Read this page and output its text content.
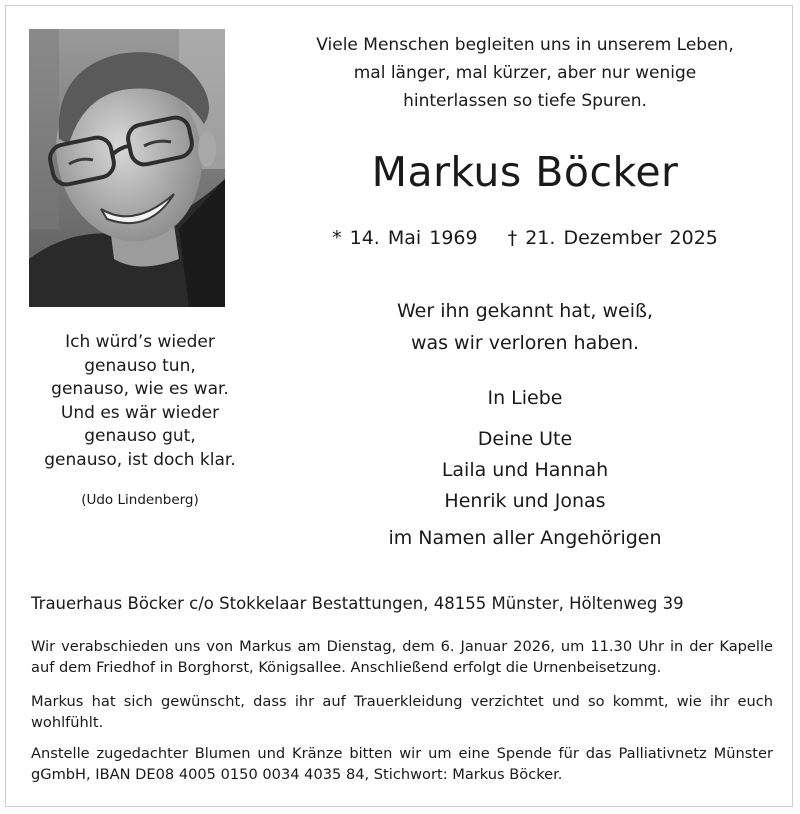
Viele Menschen begleiten uns in unserem Leben,
mal länger, mal kürzer, aber nur wenige
hinterlassen so tiefe Spuren.
Markus Böcker
* 14. Mai 1969 † 21. Dezember 2025
Wer ihn gekannt hat, weiß,
was wir verloren haben.
Ich würd’s wieder
genauso tun,
genauso, wie es war.
Und es wär wieder
genauso gut,
genauso, ist doch klar.
(Udo Lindenberg)
In Liebe
Deine Ute
Laila und Hannah
Henrik und Jonas
im Namen aller Angehörigen
Trauerhaus Böcker c/o Stokkelaar Bestattungen, 48155 Münster, Höltenweg 39

Wir verabschieden uns von Markus am Dienstag, dem 6. Januar 2026, um 11.30 Uhr in der Kapelle auf dem Friedhof in Borghorst, Königsallee. Anschließend erfolgt die Urnenbeisetzung.

Markus hat sich gewünscht, dass ihr auf Trauerkleidung verzichtet und so kommt, wie ihr euch wohlfühlt.

Anstelle zugedachter Blumen und Kränze bitten wir um eine Spende für das Palliativnetz Münster gGmbH, IBAN DE08 4005 0150 0034 4035 84, Stichwort: Markus Böcker.
